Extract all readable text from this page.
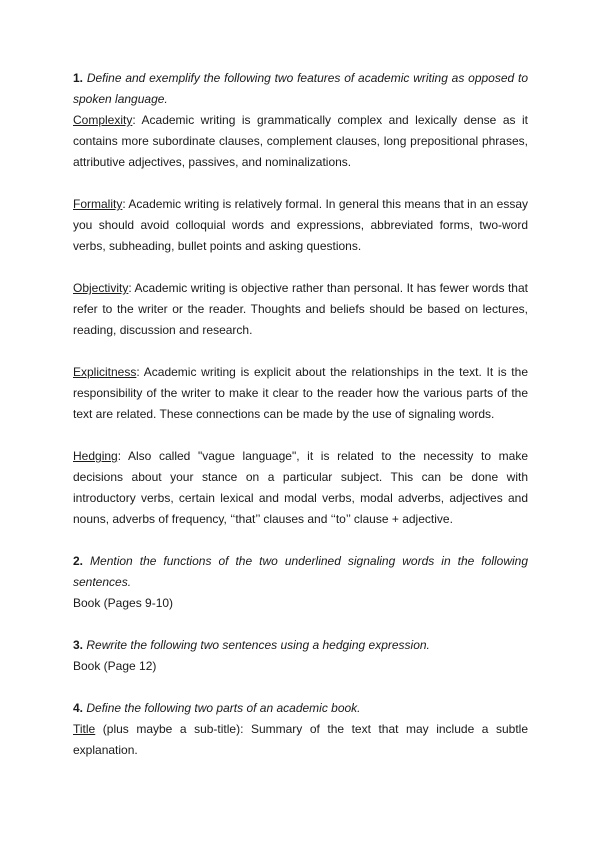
1. Define and exemplify the following two features of academic writing as opposed to spoken language.

Complexity: Academic writing is grammatically complex and lexically dense as it contains more subordinate clauses, complement clauses, long prepositional phrases, attributive adjectives, passives, and nominalizations.

Formality: Academic writing is relatively formal. In general this means that in an essay you should avoid colloquial words and expressions, abbreviated forms, two-word verbs, subheading, bullet points and asking questions.

Objectivity: Academic writing is objective rather than personal. It has fewer words that refer to the writer or the reader. Thoughts and beliefs should be based on lectures, reading, discussion and research.

Explicitness: Academic writing is explicit about the relationships in the text. It is the responsibility of the writer to make it clear to the reader how the various parts of the text are related. These connections can be made by the use of signaling words.

Hedging: Also called "vague language", it is related to the necessity to make decisions about your stance on a particular subject. This can be done with introductory verbs, certain lexical and modal verbs, modal adverbs, adjectives and nouns, adverbs of frequency, ‘‘that’’ clauses and ‘‘to’’ clause + adjective.

2. Mention the functions of the two underlined signaling words in the following sentences.

Book (Pages 9-10)

3. Rewrite the following two sentences using a hedging expression.

Book (Page 12)

4. Define the following two parts of an academic book.

Title (plus maybe a sub-title): Summary of the text that may include a subtle explanation.
